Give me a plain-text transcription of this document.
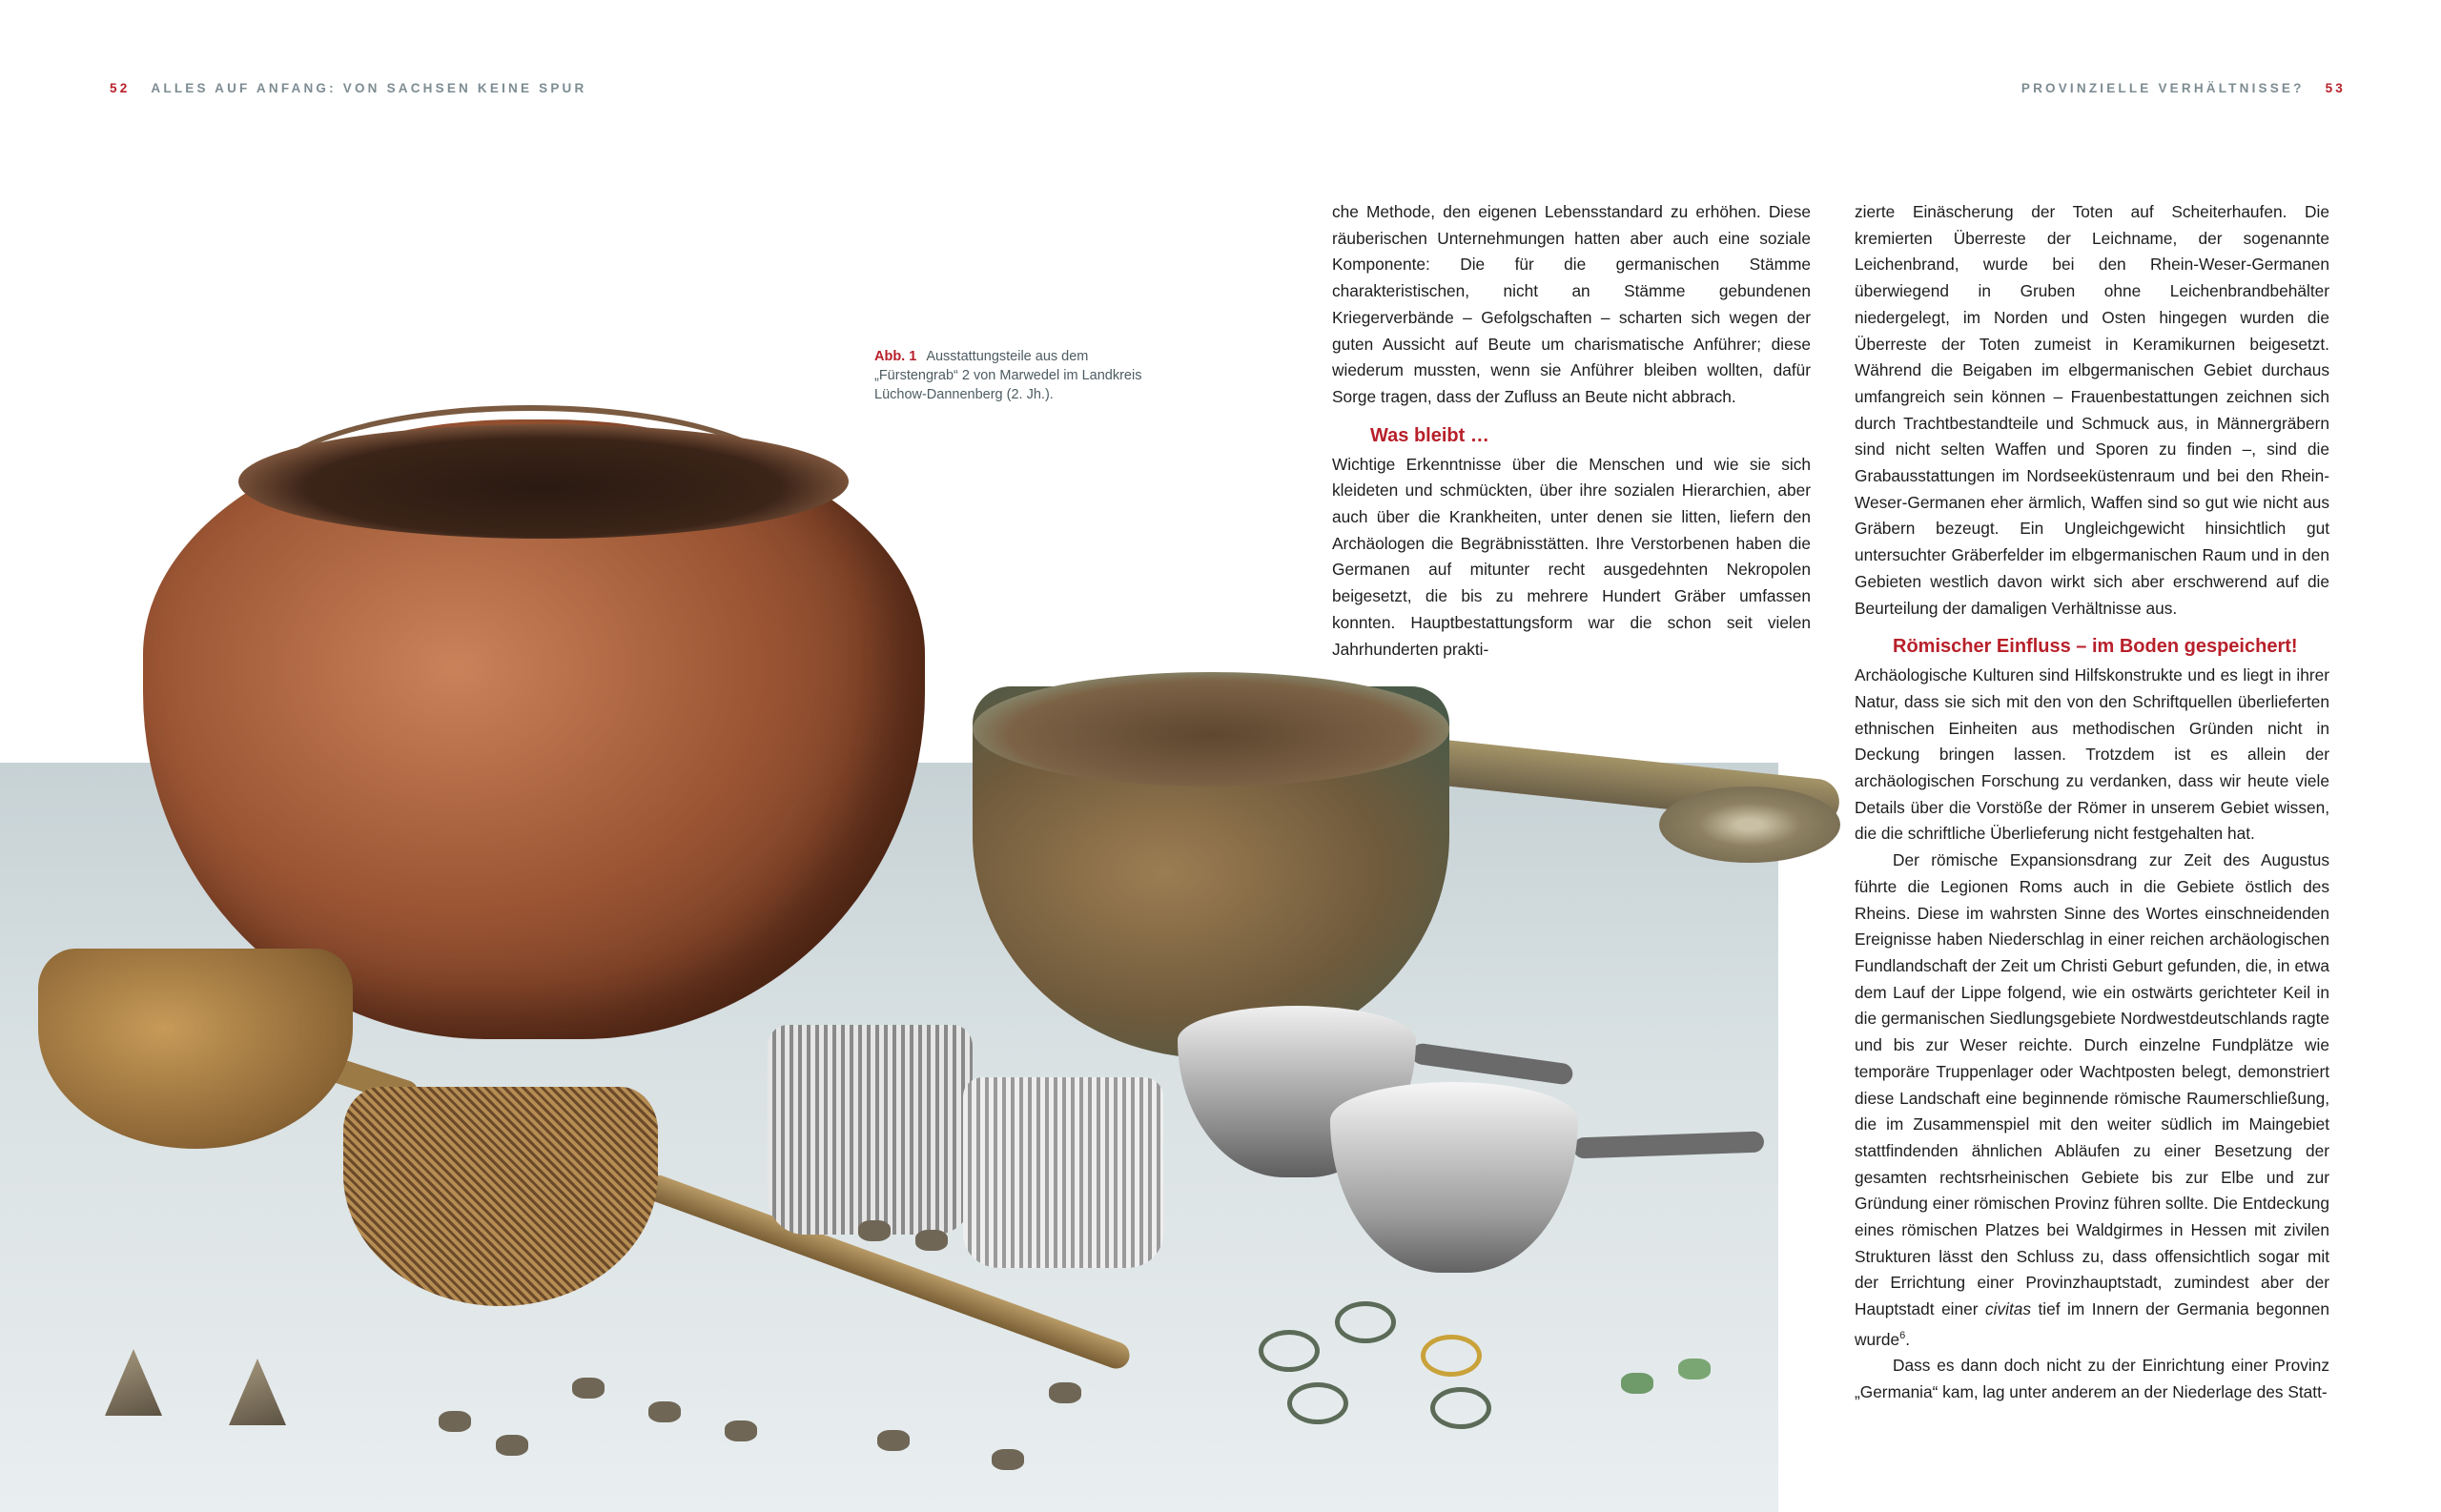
52 ALLES AUF ANFANG: VON SACHSEN KEINE SPUR	PROVINZIELLE VERHÄLTNISSE? 53
Abb. 1 Ausstattungsteile aus dem „Fürstengrab“ 2 von Marwedel im Landkreis Lüchow-Dannenberg (2. Jh.).

che Methode, den eigenen Lebensstandard zu erhöhen. Diese räuberischen Unternehmungen hatten aber auch eine soziale Komponente: Die für die germanischen Stämme charakteristischen, nicht an Stämme gebundenen Kriegerverbände – Gefolgschaften – scharten sich wegen der guten Aussicht auf Beute um charismatische Anführer; diese wiederum mussten, wenn sie Anführer bleiben wollten, dafür Sorge tragen, dass der Zufluss an Beute nicht abbrach.

Was bleibt …

Wichtige Erkenntnisse über die Menschen und wie sie sich kleideten und schmückten, über ihre sozialen Hierarchien, aber auch über die Krankheiten, unter denen sie litten, liefern den Archäologen die Begräbnisstätten. Ihre Verstorbenen haben die Germanen auf mitunter recht ausgedehnten Nekropolen beigesetzt, die bis zu mehrere Hundert Gräber umfassen konnten. Hauptbestattungsform war die schon seit vielen Jahrhunderten prakti-

zierte Einäscherung der Toten auf Scheiterhaufen. Die kremierten Überreste der Leichname, der sogenannte Leichenbrand, wurde bei den Rhein-Weser-Germanen überwiegend in Gruben ohne Leichenbrandbehälter niedergelegt, im Norden und Osten hingegen wurden die Überreste der Toten zumeist in Keramikurnen beigesetzt. Während die Beigaben im elbgermanischen Gebiet durchaus umfangreich sein können – Frauenbestattungen zeichnen sich durch Trachtbestandteile und Schmuck aus, in Männergräbern sind nicht selten Waffen und Sporen zu finden –, sind die Grabausstattungen im Nordseeküstenraum und bei den Rhein-Weser-Germanen eher ärmlich, Waffen sind so gut wie nicht aus Gräbern bezeugt. Ein Ungleichgewicht hinsichtlich gut untersuchter Gräberfelder im elbgermanischen Raum und in den Gebieten westlich davon wirkt sich aber erschwerend auf die Beurteilung der damaligen Verhältnisse aus.

Römischer Einfluss – im Boden gespeichert!

Archäologische Kulturen sind Hilfskonstrukte und es liegt in ihrer Natur, dass sie sich mit den von den Schriftquellen überlieferten ethnischen Einheiten aus methodischen Gründen nicht in Deckung bringen lassen. Trotzdem ist es allein der archäologischen Forschung zu verdanken, dass wir heute viele Details über die Vorstöße der Römer in unserem Gebiet wissen, die die schriftliche Überlieferung nicht festgehalten hat.

Der römische Expansionsdrang zur Zeit des Augustus führte die Legionen Roms auch in die Gebiete östlich des Rheins. Diese im wahrsten Sinne des Wortes einschneidenden Ereignisse haben Niederschlag in einer reichen archäologischen Fundlandschaft der Zeit um Christi Geburt gefunden, die, in etwa dem Lauf der Lippe folgend, wie ein ostwärts gerichteter Keil in die germanischen Siedlungsgebiete Nordwestdeutschlands ragte und bis zur Weser reichte. Durch einzelne Fundplätze wie temporäre Truppenlager oder Wachtposten belegt, demonstriert diese Landschaft eine beginnende römische Raumerschließung, die im Zusammenspiel mit den weiter südlich im Maingebiet stattfindenden ähnlichen Abläufen zu einer Besetzung der gesamten rechtsrheinischen Gebiete bis zur Elbe und zur Gründung einer römischen Provinz führen sollte. Die Entdeckung eines römischen Platzes bei Waldgirmes in Hessen mit zivilen Strukturen lässt den Schluss zu, dass offensichtlich sogar mit der Errichtung einer Provinzhauptstadt, zumindest aber der Hauptstadt einer civitas tief im Innern der Germania begonnen wurde$^6$.

Dass es dann doch nicht zu der Einrichtung einer Provinz „Germania“ kam, lag unter anderem an der Niederlage des Statt-
